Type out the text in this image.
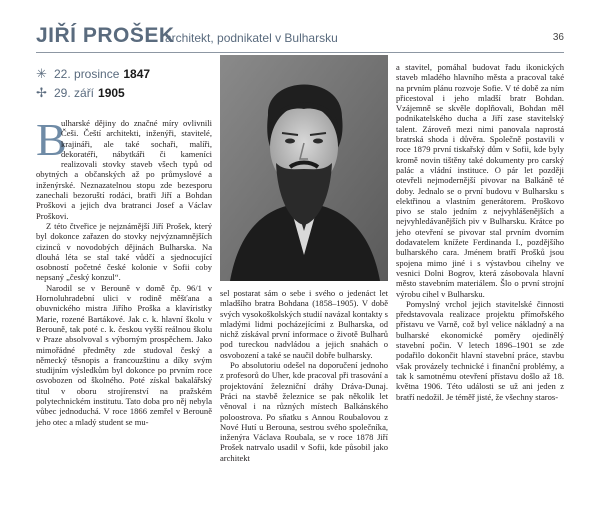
JIŘÍ PROŠEK
architekt, podnikatel v Bulharsku	36
✳ 22. prosince 1847
✢ 29. září 1905
B

ulharské dějiny do značné míry ovlivnili Češi. Čeští architekti, inženýři, stavitelé, krajináři, ale také sochaři, malíři, dekoratéři, nábytkáři či kameníci realizovali stovky staveb všech typů od obytných a občanských až po průmyslové a inženýrské. Neznazatelnou stopu zde bezesporu zanechali bezoruští rodáci, bratři Jiří a Bohdan Proškovi a jejich dva bratranci Josef a Václav Proškovi.

Z této čtveřice je nejznámější Jiří Prošek, který byl dokonce zařazen do stovky nejvýznamnějších cizinců v novodobých dějinách Bulharska. Na dlouhá léta se stal také vůdčí a sjednocující osobností početné české kolonie v Sofii coby nepsaný „český konzul“.

Narodil se v Berouně v domě čp. 96/1 v Hornoluhradební ulici v rodině měšťana a obuvnického mistra Jiřího Proška a klavíristky Marie, rozené Bartákové. Jak c. k. hlavní školu v Berouně, tak poté c. k. českou vyšší reálnou školu v Praze absolvoval s výborným prospěchem. Jako mimořádné předměty zde studoval český a německý těsnopis a francouzštinu a díky svým studijním výsledkům byl dokonce po prvním roce osvobozen od školného. Poté získal bakalářský titul v oboru strojírenství na pražském polytechnickém institutu. Tato doba pro něj nebyla vůbec jednoduchá. V roce 1866 zemřel v Berouně jeho otec a mladý student se mu-

sel postarat sám o sebe i svého o jedenáct let mladšího bratra Bohdana (1858–1905). V době svých vysokoškolských studií navázal kontakty s mladými lidmi pocházejícími z Bulharska, od nichž získával první informace o životě Bulharů pod tureckou nadvládou a jejich snahách o osvobození a také se naučil dobře bulharsky.

Po absolutoriu odešel na doporučení jednoho z profesorů do Uher, kde pracoval při trasování a projektování železniční dráhy Dráva-Dunaj. Práci na stavbě železnice se pak několik let věnoval i na různých místech Balkánského poloostrova. Po sňatku s Annou Roubalovou z Nové Hutí u Berouna, sestrou svého společníka, inženýra Václava Roubala, se v roce 1878 Jiří Prošek natrvalo usadil v Sofii, kde působil jako architekt

a stavitel, pomáhal budovat řadu ikonických staveb mladého hlavního města a pracoval také na prvním plánu rozvoje Sofie. V té době za ním přicestoval i jeho mladší bratr Bohdan. Vzájemně se skvěle doplňovali, Bohdan měl podnikatelského ducha a Jiří zase stavitelský talent. Zároveň mezi nimi panovala naprostá bratrská shoda i důvěra. Společně postavili v roce 1879 první tiskařský dům v Sofii, kde byly kromě novin tištěny také dokumenty pro carský palác a vládní instituce. O pár let později otevřeli nejmodernější pivovar na Balkáně té doby. Jednalo se o první budovu v Bulharsku s elektřinou a vlastním generátorem. Proškovo pivo se stalo jedním z nejvyhlášenějších a nejvyhledávanějších piv v Bulharsku. Krátce po jeho otevření se pivovar stal prvním dvorním dodavatelem knížete Ferdinanda I., pozdějšího bulharského cara. Jménem bratří Prošků jsou spojena mimo jiné i s výstavbou cihelny ve vesnici Dolni Bogrov, která zásobovala hlavní město stavebním materiálem. Šlo o první strojní výrobu cihel v Bulharsku.

Pomyslný vrchol jejich stavitelské činnosti představovala realizace projektu přímořského přístavu ve Varně, což byl velice nákladný a na bulharské ekonomické poměry ojedinělý stavební počin. V letech 1896–1901 se zde podařilo dokončit hlavní stavební práce, stavbu však provázely technické i finanční problémy, a tak k samotnému otevření přístavu došlo až 18. května 1906. Této události se už ani jeden z bratří nedožil. Je téměř jisté, že všechny staros-
